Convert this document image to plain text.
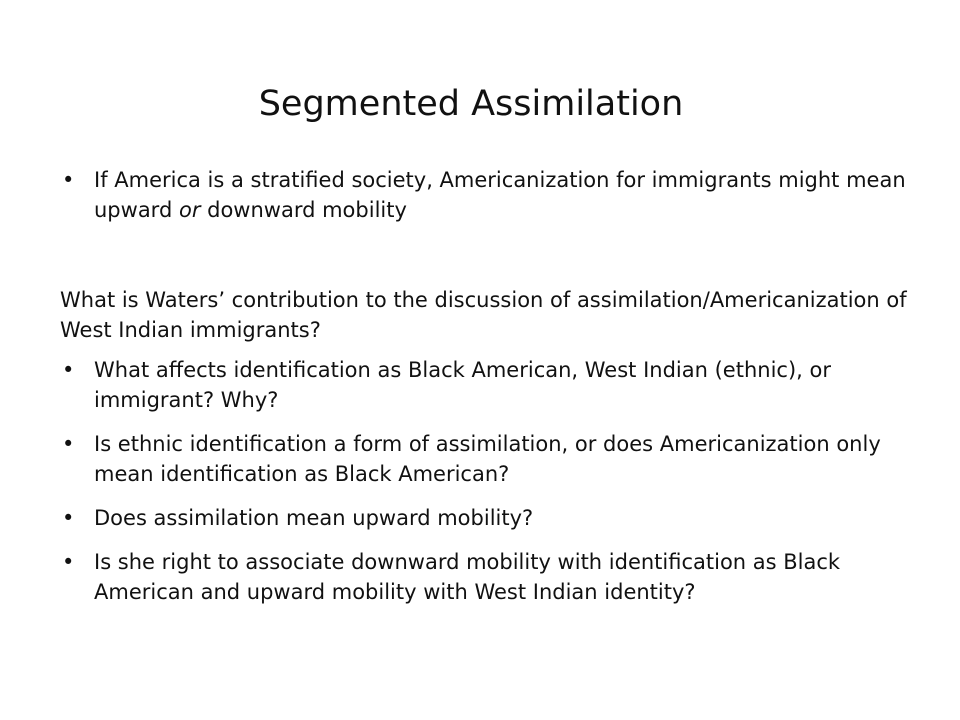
Segmented Assimilation

• If America is a stratified society, Americanization for immigrants might mean upward or downward mobility

What is Waters’ contribution to the discussion of assimilation/Americanization of West Indian immigrants?

• What affects identification as Black American, West Indian (ethnic), or immigrant? Why?

• Is ethnic identification a form of assimilation, or does Americanization only mean identification as Black American?

• Does assimilation mean upward mobility?

• Is she right to associate downward mobility with identification as Black American and upward mobility with West Indian identity?
